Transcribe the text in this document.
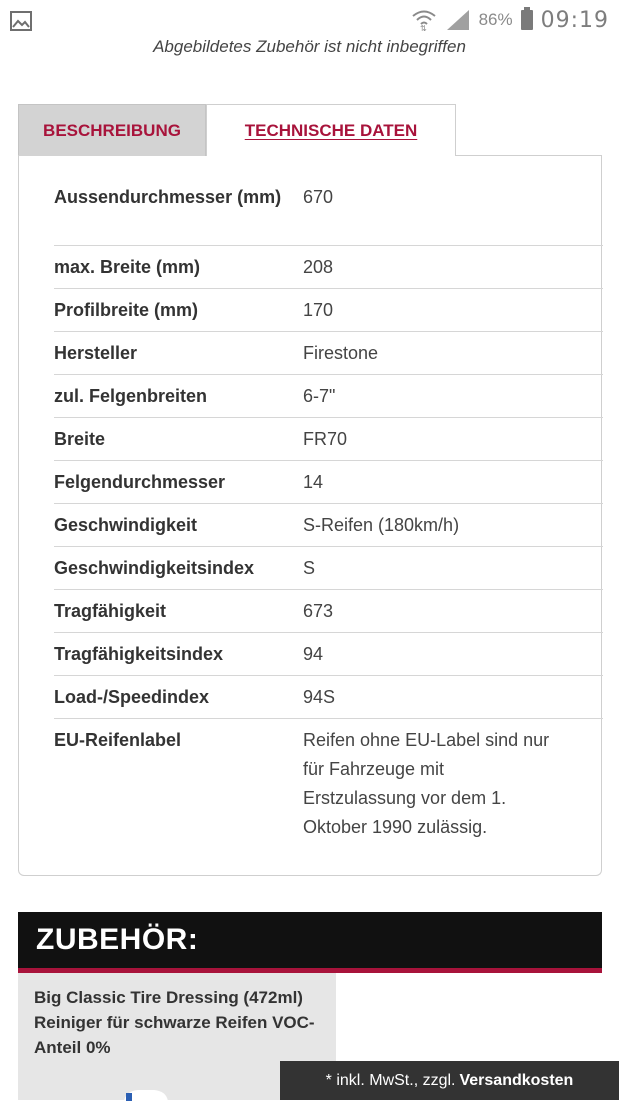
⇅	86% 09:19
Abgebildetes Zubehör ist nicht inbegriffen
BESCHREIBUNG	TECHNISCHE DATEN
Aussendurchmesser (mm)	670
max. Breite (mm)	208
Profilbreite (mm)	170
Hersteller	Firestone
zul. Felgenbreiten	6-7"
Breite	FR70
Felgendurchmesser	14
Geschwindigkeit	S-Reifen (180km/h)
Geschwindigkeitsindex	S
Tragfähigkeit	673
Tragfähigkeitsindex	94
Load-/Speedindex	94S
EU-Reifenlabel	Reifen ohne EU-Label sind nur für Fahrzeuge mit Erstzulassung vor dem 1. Oktober 1990 zulässig.
ZUBEHÖR:
Big Classic Tire Dressing (472ml) Reiniger für schwarze Reifen VOC-Anteil 0%
* inkl. MwSt., zzgl. Versandkosten
